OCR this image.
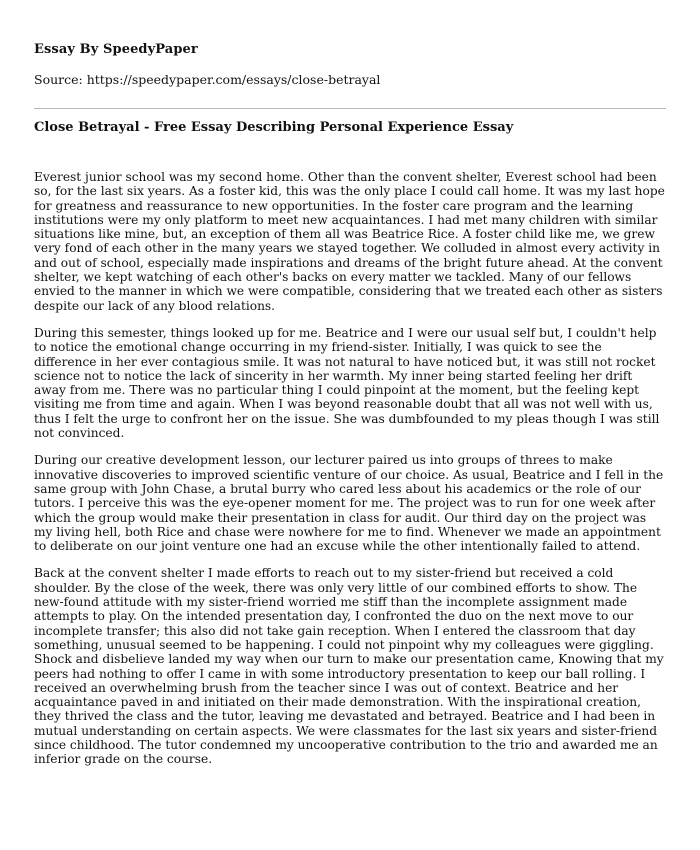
Essay By SpeedyPaper
Source: https://speedypaper.com/essays/close-betrayal
Close Betrayal - Free Essay Describing Personal Experience Essay

Everest junior school was my second home. Other than the convent shelter, Everest school had been so, for the last six years. As a foster kid, this was the only place I could call home. It was my last hope for greatness and reassurance to new opportunities. In the foster care program and the learning institutions were my only platform to meet new acquaintances. I had met many children with similar situations like mine, but, an exception of them all was Beatrice Rice. A foster child like me, we grew very fond of each other in the many years we stayed together. We colluded in almost every activity in and out of school, especially made inspirations and dreams of the bright future ahead. At the convent shelter, we kept watching of each other's backs on every matter we tackled. Many of our fellows envied to the manner in which we were compatible, considering that we treated each other as sisters despite our lack of any blood relations.

During this semester, things looked up for me. Beatrice and I were our usual self but, I couldn't help to notice the emotional change occurring in my friend-sister. Initially, I was quick to see the difference in her ever contagious smile. It was not natural to have noticed but, it was still not rocket science not to notice the lack of sincerity in her warmth. My inner being started feeling her drift away from me. There was no particular thing I could pinpoint at the moment, but the feeling kept visiting me from time and again. When I was beyond reasonable doubt that all was not well with us, thus I felt the urge to confront her on the issue. She was dumbfounded to my pleas though I was still not convinced.

During our creative development lesson, our lecturer paired us into groups of threes to make innovative discoveries to improved scientific venture of our choice. As usual, Beatrice and I fell in the same group with John Chase, a brutal burry who cared less about his academics or the role of our tutors. I perceive this was the eye-opener moment for me. The project was to run for one week after which the group would make their presentation in class for audit. Our third day on the project was my living hell, both Rice and chase were nowhere for me to find. Whenever we made an appointment to deliberate on our joint venture one had an excuse while the other intentionally failed to attend.

Back at the convent shelter I made efforts to reach out to my sister-friend but received a cold shoulder. By the close of the week, there was only very little of our combined efforts to show. The new-found attitude with my sister-friend worried me stiff than the incomplete assignment made attempts to play. On the intended presentation day, I confronted the duo on the next move to our incomplete transfer; this also did not take gain reception. When I entered the classroom that day something, unusual seemed to be happening. I could not pinpoint why my colleagues were giggling. Shock and disbelieve landed my way when our turn to make our presentation came, Knowing that my peers had nothing to offer I came in with some introductory presentation to keep our ball rolling. I received an overwhelming brush from the teacher since I was out of context. Beatrice and her acquaintance paved in and initiated on their made demonstration. With the inspirational creation, they thrived the class and the tutor, leaving me devastated and betrayed. Beatrice and I had been in mutual understanding on certain aspects. We were classmates for the last six years and sister-friend since childhood. The tutor condemned my uncooperative contribution to the trio and awarded me an inferior grade on the course.
